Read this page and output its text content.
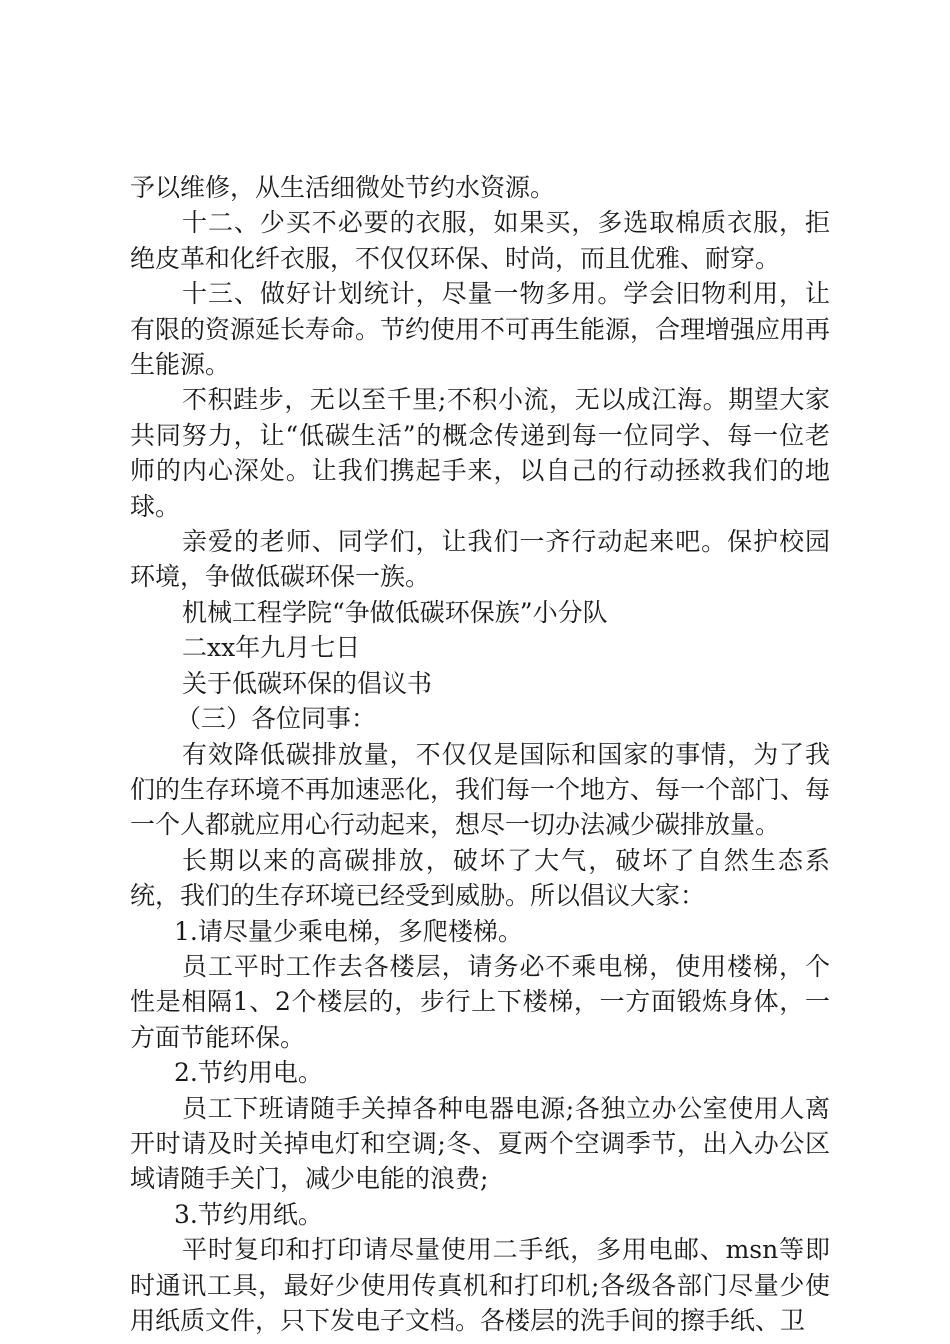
予以维修，从生活细微处节约水资源。

十二、少买不必要的衣服，如果买，多选取棉质衣服，拒绝皮革和化纤衣服，不仅仅环保、时尚，而且优雅、耐穿。

十三、做好计划统计，尽量一物多用。学会旧物利用，让有限的资源延长寿命。节约使用不可再生能源，合理增强应用再生能源。

不积跬步，无以至千里;不积小流，无以成江海。期望大家共同努力，让“低碳生活”的概念传递到每一位同学、每一位老师的内心深处。让我们携起手来，以自己的行动拯救我们的地球。

亲爱的老师、同学们，让我们一齐行动起来吧。保护校园环境，争做低碳环保一族。

机械工程学院“争做低碳环保族”小分队

二xx年九月七日

关于低碳环保的倡议书

（三）各位同事：

有效降低碳排放量，不仅仅是国际和国家的事情，为了我们的生存环境不再加速恶化，我们每一个地方、每一个部门、每一个人都就应用心行动起来，想尽一切办法减少碳排放量。

长期以来的高碳排放，破坏了大气，破坏了自然生态系统，我们的生存环境已经受到威胁。所以倡议大家：

1.请尽量少乘电梯，多爬楼梯。

员工平时工作去各楼层，请务必不乘电梯，使用楼梯，个性是相隔1、2个楼层的，步行上下楼梯，一方面锻炼身体，一方面节能环保。

2.节约用电。

员工下班请随手关掉各种电器电源;各独立办公室使用人离开时请及时关掉电灯和空调;冬、夏两个空调季节，出入办公区域请随手关门，减少电能的浪费;

3.节约用纸。

平时复印和打印请尽量使用二手纸，多用电邮、msn等即时通讯工具，最好少使用传真机和打印机;各级各部门尽量少使用纸质文件，只下发电子文档。各楼层的洗手间的擦手纸、卫
